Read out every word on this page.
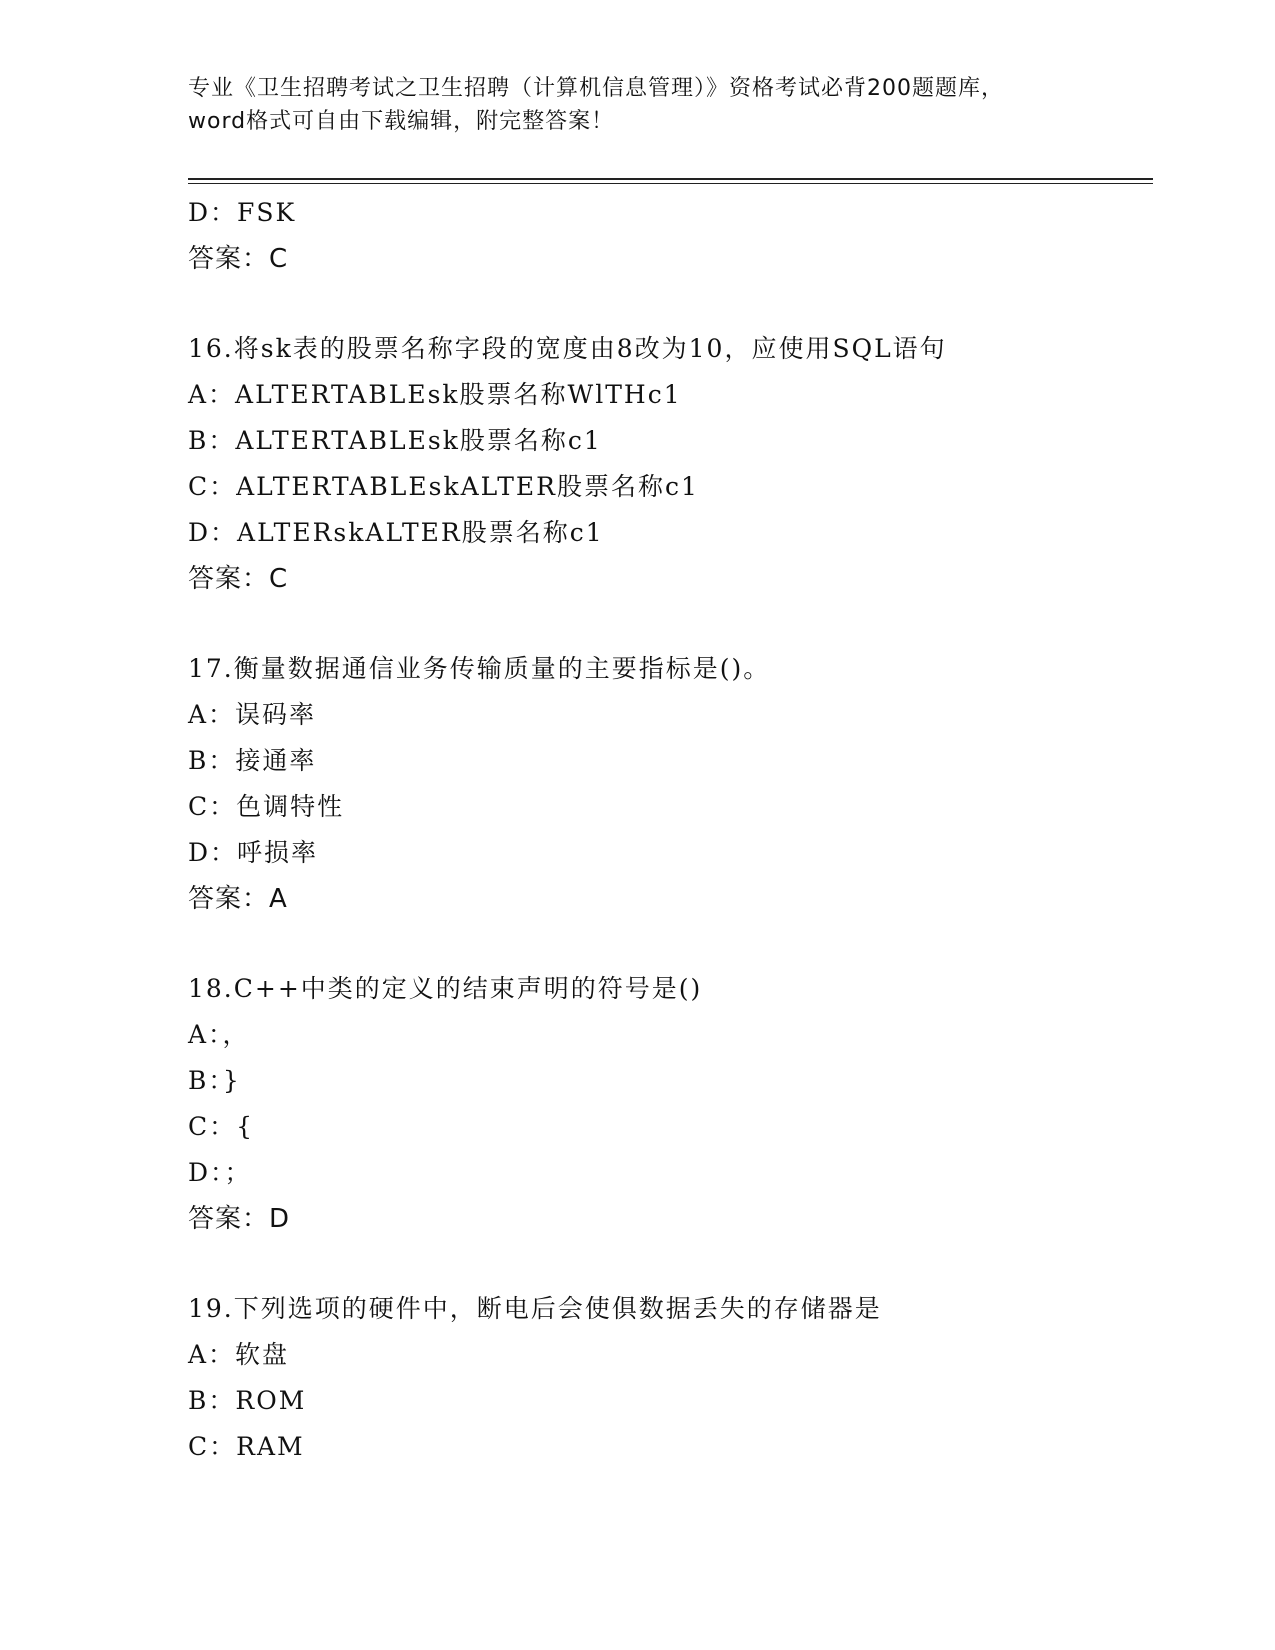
专业《卫生招聘考试之卫生招聘（计算机信息管理）》资格考试必背200题题库，
word格式可自由下载编辑，附完整答案！
D：FSK
答案：C
16.将sk表的股票名称字段的宽度由8改为10，应使用SQL语句
A：ALTERTABLEsk股票名称WlTHc1
B：ALTERTABLEsk股票名称c1
C：ALTERTABLEskALTER股票名称c1
D：ALTERskALTER股票名称c1
答案：C
17.衡量数据通信业务传输质量的主要指标是()。
A：误码率
B：接通率
C：色调特性
D：呼损率
答案：A
18.C++中类的定义的结束声明的符号是()
A：，
B：}
C：{
D：；
答案：D
19.下列选项的硬件中，断电后会使俱数据丢失的存储器是
A：软盘
B：ROM
C：RAM
